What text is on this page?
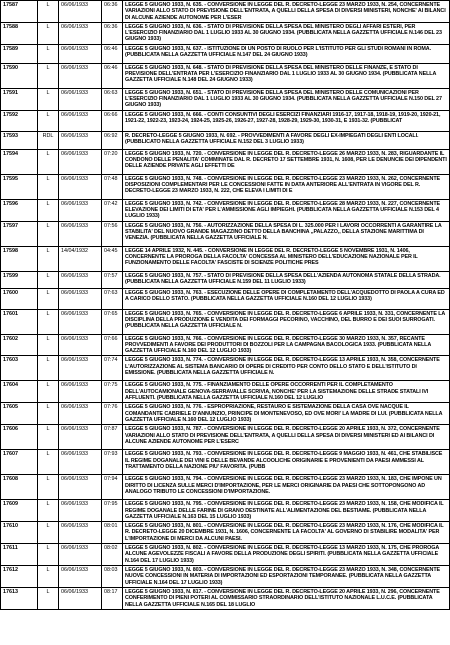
17587	L	06/06/1933	06:36	LEGGE 5 GIUGNO 1933, N. 635. - CONVERSIONE IN LEGGE DEL R. DECRETO-LEGGE 23 MARZO 1933, N. 254, CONCERNENTE VARIAZIONI ALLO STATO DI PREVISIONE DELL'ENTRATA, A QUELLI DELLA SPESA DI DIVERSI MINISTERI, NONCHE' AI BILANCI DI ALCUNE AZIENDE AUTONOME PER L'ESER
17588	L	06/06/1933	06:36	LEGGE 5 GIUGNO 1933, N. 636. - STATO DI PREVISIONE DELLA SPESA DEL MINISTERO DEGLI AFFARI ESTERI, PER L'ESERCIZIO FINANZIARIO DAL 1 LUGLIO 1933 AL 30 GIUGNO 1934. (PUBBLICATA NELLA GAZZETTA UFFICIALE N.146 DEL 23 GIUGNO 1933)
17589	L	06/06/1933	06:46	LEGGE 5 GIUGNO 1933, N. 637. - ISTITUZIONE DI UN POSTO DI RUOLO PER L'ISTITUTO PER GLI STUDI ROMANI IN ROMA. (PUBBLICATA NELLA GAZZETTA UFFICIALE N.147 DEL 24 GIUGNO 1933)
17590	L	06/06/1933	06:46	LEGGE 5 GIUGNO 1933, N. 648. - STATO DI PREVISIONE DELLA SPESA DEL MINISTERO DELLE FINANZE, E STATO DI PREVISIONE DELL'ENTRATA PER L'ESERCIZIO FINANZIARIO DAL 1 LUGLIO 1933 AL 30 GIUGNO 1934. (PUBBLICATA NELLA GAZZETTA UFFICIALE N.148 DEL 24 GIUGNO 1933)
17591	L	06/06/1933	06:63	LEGGE 5 GIUGNO 1933, N. 651. - STATO DI PREVISIONE DELLA SPESA DEL MINISTERO DELLE COMUNICAZIONI PER L'ESERCIZIO FINANZIARIO DAL 1 LUGLIO 1933 AL 30 GIUGNO 1934. (PUBBLICATA NELLA GAZZETTA UFFICIALE N.150 DEL 27 GIUGNO 1933)
17592	L	06/06/1933	06:66	LEGGE 5 GIUGNO 1933, N. 666. - CONTI CONSUNTIVI DEGLI ESERCIZI FINANZIARI 1916-17, 1917-18, 1918-19, 1919-20, 1920-21, 1921-22, 1922-23, 1923-24, 1924-25, 1925-26, 1926-27, 1927-28, 1928-29, 1929-30, 1930-31, E 1931-32. (PUBBLICAT
17593	RDL	06/06/1933	06:92	R. DECRETO-LEGGE 5 GIUGNO 1933, N. 692. - PROVVEDIMENTI A FAVORE DEGLI EX-IMPIEGATI DEGLI ENTI LOCALI. (PUBBLICATO NELLA GAZZETTA UFFICIALE N.152 DEL 3 LUGLIO 1933)
17594	L	06/06/1933	07:20	LEGGE 5 GIUGNO 1933, N. 720. - CONVERSIONE IN LEGGE DEL R. DECRETO-LEGGE 26 MARZO 1933, N. 283, RIGUARDANTE IL CONDONO DELLE PENALITA' COMMINATE DAL R. DECRETO 17 SETTEMBRE 1931, N. 1608, PER LE DENUNCIE DEI DIPENDENTI DELLE AZIENDE PRIVATE AGLI EFFETTI DE
17595	L	06/06/1933	07:48	LEGGE 5 GIUGNO 1933, N. 748. - CONVERSIONE IN LEGGE DEL R. DECRETO-LEGGE 23 MARZO 1933, N. 262, CONCERNENTE DISPOSIZIONI COMPLEMENTARI PER LE CONCESSIONI FATTE IN DATA ANTERIORE ALL'ENTRATA IN VIGORE DEL R. DECRETO-LEGGE 23 MARZO 1933, N. 222, CHE ELEVA I LIMITI DI E
17596	L	06/06/1933	07:42	LEGGE 5 GIUGNO 1933, N. 742. - CONVERSIONE IN LEGGE DEL R. DECRETO-LEGGE 28 MARZO 1933, N. 227, CONCERNENTE ELEVAZIONE DEI LIMITI DI ETA' PER L'AMMISSIONE AGLI IMPIEGHI. (PUBBLICATA NELLA GAZZETTA UFFICIALE N.153 DEL 4 LUGLIO 1933)
17597	L	06/06/1933	07:56	LEGGE 5 GIUGNO 1933, N. 756. - AUTORIZZAZIONE DELLA SPESA DI L. 325.000 PER I LAVORI OCCORRENTI A GARANTIRE LA STABILITA' DEL NUOVO GRANDE MAGAZZINO DETTO DELLA BANCHINA ,,PALAZZO,, DELLA STAZIONE MARITTIMA DI VENEZIA. (PUBBLICATA NELLA GAZZETTA UFFICIALE N.
17598	L	14/04/1932	04:45	LEGGE 14 APRILE 1932, N. 445. - CONVERSIONE IN LEGGE DEL R. DECRETO-LEGGE 5 NOVEMBRE 1931, N. 1406, CONCERNENTE LA PROROGA DELLA FACOLTA' CONCESSA AL MINISTERO DELL'EDUCAZIONE NAZIONALE PER IL FUNZIONAMENTO DELLE FACOLTA' FASCISTE DI SCIENZE POLITICHE PRES
17599	L	06/06/1933	07:57	LEGGE 5 GIUGNO 1933, N. 757. - STATO DI PREVISIONE DELLA SPESA DELL'AZIENDA AUTONOMA STATALE DELLA STRADA. (PUBBLICATA NELLA GAZZETTA UFFICIALE N.159 DEL 11 LUGLIO 1933)
17600	L	06/06/1933	07:63	LEGGE 5 GIUGNO 1933, N. 763. - ESECUZIONE DELLE OPERE DI COMPLETAMENTO DELL'ACQUEDOTTO DI PAOLA A CURA ED A CARICO DELLO STATO. (PUBBLICATA NELLA GAZZETTA UFFICIALE N.160 DEL 12 LUGLIO 1933)
17601	L	06/06/1933	07:65	LEGGE 5 GIUGNO 1933, N. 765. - CONVERSIONE IN LEGGE DEL R. DECRETO-LEGGE 6 APRILE 1933, N. 331, CONCERNENTE LA DISCIPLINA DELLA PRODUZIONE E VENDITA DEI FORMAGGI PECORINO, VACCHINO, DEL BURRO E DEI SUOI SURROGATI. (PUBBLICATA NELLA GAZZETTA UFFICIALE N.
17602	L	06/06/1933	07:66	LEGGE 5 GIUGNO 1933, N. 766. - CONVERSIONE IN LEGGE DEL R. DECRETO-LEGGE 30 MARZO 1933, N. 357, RECANTE PROVVEDIMENTI A FAVORE DEI PRODUTTORI DI BOZZOLI PER LA CAMPAGNA BACOLOGICA 1933. (PUBBLICATA NELLA GAZZETTA UFFICIALE N.160 DEL 12 LUGLIO 1933)
17603	L	06/06/1933	07:74	LEGGE 5 GIUGNO 1933, N. 774. - CONVERSIONE IN LEGGE DEL R. DECRETO-LEGGE 13 APRILE 1933, N. 358, CONCERNENTE L'AUTORIZZAZIONE AL SISTEMA BANCARIO DI OPERE DI CREDITO PER CONTO DELLO STATO E DELL'ISTITUTO DI EMISSIONE. (PUBBLICATA NELLA GAZZETTA UFFICIALE N.
17604	L	06/06/1933	07:75	LEGGE 5 GIUGNO 1933, N. 775. - FINANZIAMENTO DELLE OPERE OCCORRENTI PER IL COMPLETAMENTO DELL'AUTOCAMIONALE GENOVA-SERRAVALLE SCRIVIA, NONCHE' PER LA SISTEMAZIONE DELLE STRADE STATALI IVI AFFLUENTI. (PUBBLICATA NELLA GAZZETTA UFFICIALE N.160 DEL 12 LUGLIO
17605	L	06/06/1933	07:76	LEGGE 5 GIUGNO 1933, N. 776. - ESPROPRIAZIONE, RESTAURO E SISTEMAZIONE DELLA CASA OVE NACQUE IL COMANDANTE CABRIELE D'ANNUNZIO, PRINCIPE DI MONTENEVOSO, ED OVE MORI' LA MADRE DI LUI. (PUBBLICATA NELLA GAZZETTA UFFICIALE N.160 DEL 12 LUGLIO 1933)
17606	L	06/06/1933	07:87	LEGGE 5 GIUGNO 1933, N. 787. - CONVERSIONE IN LEGGE DEL R. DECRETO-LEGGE 20 APRILE 1933, N. 372, CONCERNENTE VARIAZIONI ALLO STATO DI PREVISIONE DELL'ENTRATA, A QUELLI DELLA SPESA DI DIVERSI MINISTERI ED AI BILANCI DI ALCUNE AZIENDE AUTONOME PER L'ESERC
17607	L	06/06/1933	07:93	LEGGE 5 GIUGNO 1933, N. 793. - CONVERSIONE IN LEGGE DEL R. DECRETO-LEGGE 9 MAGGIO 1933, N. 461, CHE STABILISCE IL REGIME DOGANALE DEI VINI E DELLE BEVANDE ALCOOLICHE ORIGINARIE E PROVENIENTI DA PAESI AMMESSI AL TRATTAMENTO DELLA NAZIONE PIU' FAVORITA. (PUBB
17608	L	06/06/1933	07:94	LEGGE 5 GIUGNO 1933, N. 794. - CONVERSIONE IN LEGGE DEL R. DECRETO-LEGGE 23 MARZO 1933, N. 183, CHE IMPONE UN DIRITTO DI LICENZA SULLE MERCI D'IMPORTAZIONE, PER LE MERCI ORIGINARIE DA PAESI CHE SOTTOPONGONO AD ANALOGO TRIBUTO LE CONCESSIONI D'IMPORTAZIONE.
17609	L	06/06/1933	07:95	LEGGE 5 GIUGNO 1933, N. 795. - CONVERSIONE IN LEGGE DEL R. DECRETO-LEGGE 23 MARZO 1933, N. 158, CHE MODIFICA IL REGIME DOGANALE DELLE FARINE DI GRANO DESTINATE ALL'ALIMENTAZIONE DEL BESTIAME. (PUBBLICATA NELLA GAZZETTA UFFICIALE N.163 DEL 15 LUGLIO 1933)
17610	L	06/06/1933	08:01	LEGGE 5 GIUGNO 1933, N. 801. - CONVERSIONE IN LEGGE DEL R. DECRETO-LEGGE 23 MARZO 1933, N. 176, CHE MODIFICA IL R. DECRETO-LEGGE 20 DICEMBRE 1931, N. 1606, CONCERNENTE LA FACOLTA' AL GOVERNO DI STABILIRE MODALITA' PER L'IMPORTAZIONE DI MERCI DA ALCUNI PAESI.
17611	L	06/06/1933	08:02	LEGGE 5 GIUGNO 1933, N. 802. - CONVERSIONE IN LEGGE DEL R. DECRETO-LEGGE 13 MARZO 1933, N. 175, CHE PROROGA ALCUNE AGEVOLEZZE FISCALI A FAVORE DELLA PRODUZIONE DEGLI SPIRITI. (PUBBLICATA NELLA GAZZETTA UFFICIALE N.164 DEL 17 LUGLIO 1933)
17612	L	06/06/1933	08:03	LEGGE 5 GIUGNO 1933, N. 803. - CONVERSIONE IN LEGGE DEL R. DECRETO-LEGGE 23 MARZO 1933, N. 348, CONCERNENTE NUOVE CONCESSIONI IN MATERIA DI IMPORTAZIONI ED ESPORTAZIONI TEMPORANEE. (PUBBLICATA NELLA GAZZETTA UFFICIALE N.164 DEL 17 LUGLIO 1933)
17613	L	06/06/1933	08:17	LEGGE 5 GIUGNO 1933, N. 817. - CONVERSIONE IN LEGGE DEL R. DECRETO-LEGGE 20 APRILE 1933, N. 296, CONCERNENTE CONFERIMENTO DI PIENI POTERI AL COMMISSARIO STRAORDINARIO DELL'ISTITUTO NAZIONALE L.U.C.E. (PUBBLICATA NELLA GAZZETTA UFFICIALE N.165 DEL 18 LUGLIO
